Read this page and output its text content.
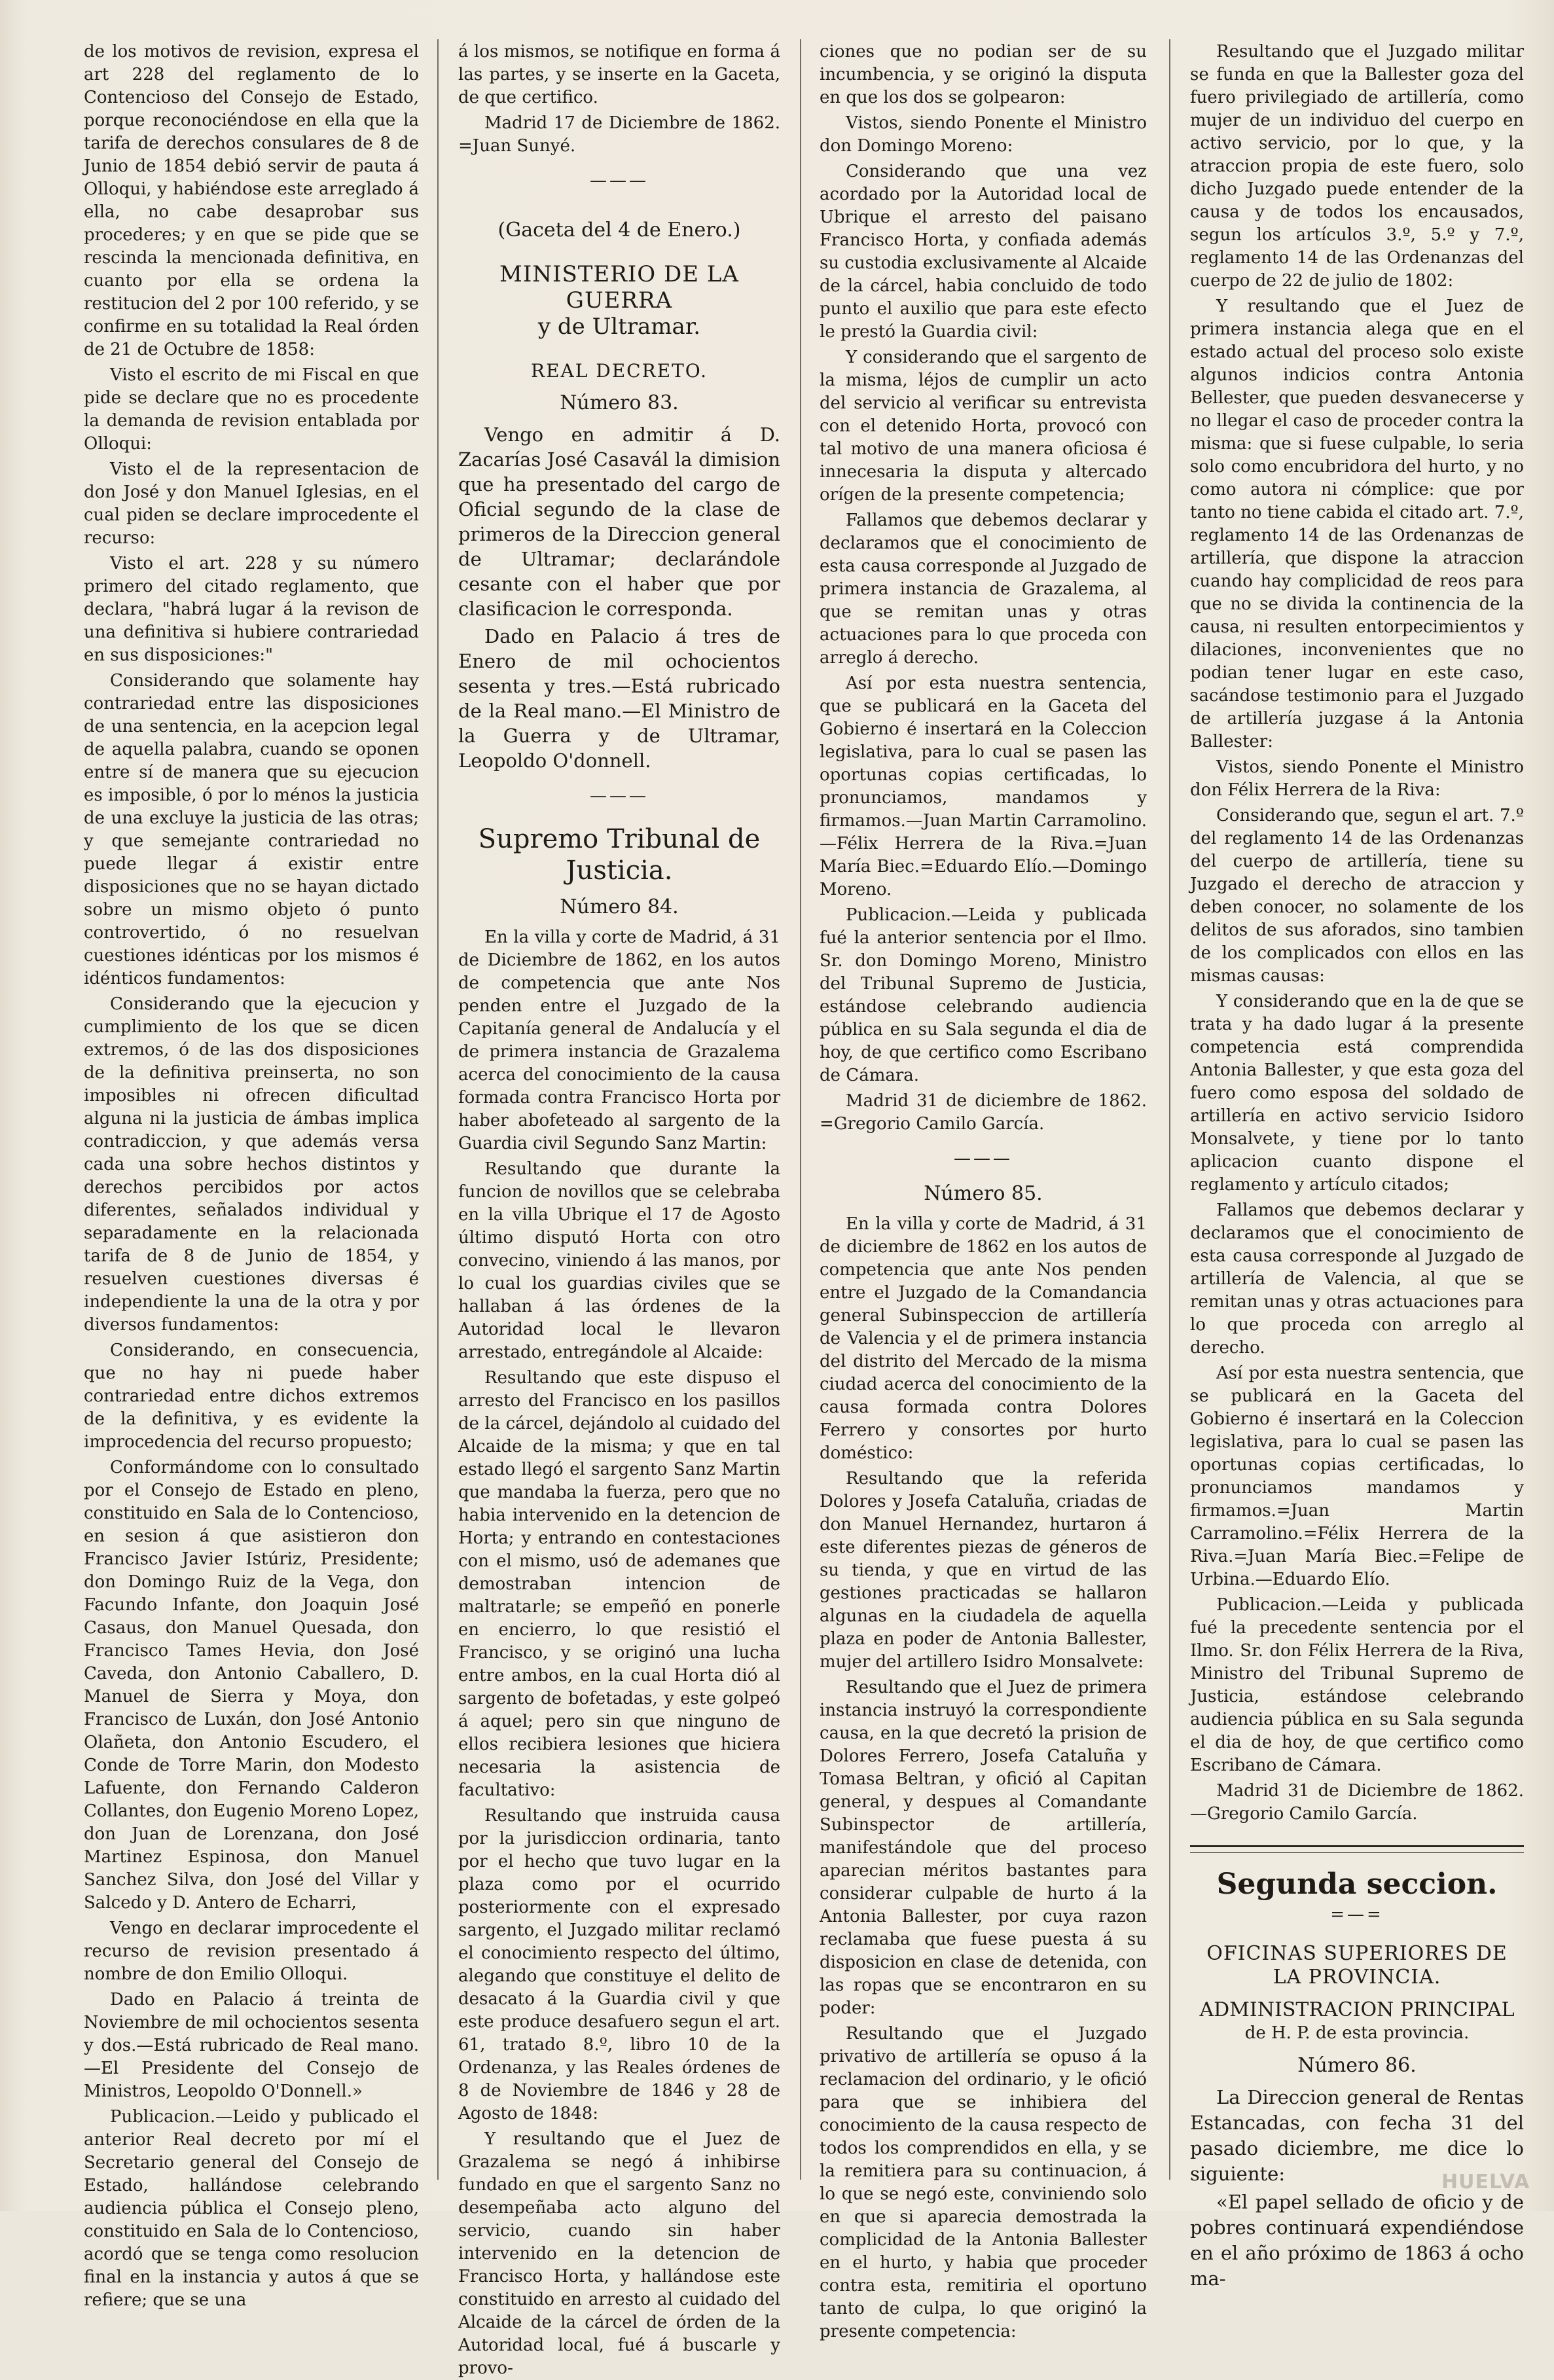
de los motivos de revision, expresa el art 228 del reglamento de lo Contencioso del Consejo de Estado, porque reconociéndose en ella que la tarifa de derechos consulares de 8 de Junio de 1854 debió servir de pauta á Olloqui, y habiéndose este arreglado á ella, no cabe desaprobar sus procederes; y en que se pide que se rescinda la mencionada definitiva, en cuanto por ella se ordena la restitucion del 2 por 100 referido, y se confirme en su totalidad la Real órden de 21 de Octubre de 1858:

Visto el escrito de mi Fiscal en que pide se declare que no es procedente la demanda de revision entablada por Olloqui:

Visto el de la representacion de don José y don Manuel Iglesias, en el cual piden se declare improcedente el recurso:

Visto el art. 228 y su número primero del citado reglamento, que declara, "habrá lugar á la revison de una definitiva si hubiere contrariedad en sus disposiciones:"

Considerando que solamente hay contrariedad entre las disposiciones de una sentencia, en la acepcion legal de aquella palabra, cuando se oponen entre sí de manera que su ejecucion es imposible, ó por lo ménos la justicia de una excluye la justicia de las otras; y que semejante contrariedad no puede llegar á existir entre disposiciones que no se hayan dictado sobre un mismo objeto ó punto controvertido, ó no resuelvan cuestiones idénticas por los mismos é idénticos fundamentos:

Considerando que la ejecucion y cumplimiento de los que se dicen extremos, ó de las dos disposiciones de la definitiva preinserta, no son imposibles ni ofrecen dificultad alguna ni la justicia de ámbas implica contradiccion, y que además versa cada una sobre hechos distintos y derechos percibidos por actos diferentes, señalados individual y separadamente en la relacionada tarifa de 8 de Junio de 1854, y resuelven cuestiones diversas é independiente la una de la otra y por diversos fundamentos:

Considerando, en consecuencia, que no hay ni puede haber contrariedad entre dichos extremos de la definitiva, y es evidente la improcedencia del recurso propuesto;

Conformándome con lo consultado por el Consejo de Estado en pleno, constituido en Sala de lo Contencioso, en sesion á que asistieron don Francisco Javier Istúriz, Presidente; don Domingo Ruiz de la Vega, don Facundo Infante, don Joaquin José Casaus, don Manuel Quesada, don Francisco Tames Hevia, don José Caveda, don Antonio Caballero, D. Manuel de Sierra y Moya, don Francisco de Luxán, don José Antonio Olañeta, don Antonio Escudero, el Conde de Torre Marin, don Modesto Lafuente, don Fernando Calderon Collantes, don Eugenio Moreno Lopez, don Juan de Lorenzana, don José Martinez Espinosa, don Manuel Sanchez Silva, don José del Villar y Salcedo y D. Antero de Echarri,

Vengo en declarar improcedente el recurso de revision presentado á nombre de don Emilio Olloqui.

Dado en Palacio á treinta de Noviembre de mil ochocientos sesenta y dos.—Está rubricado de Real mano.—El Presidente del Consejo de Ministros, Leopoldo O'Donnell.»

Publicacion.—Leido y publicado el anterior Real decreto por mí el Secretario general del Consejo de Estado, hallándose celebrando audiencia pública el Consejo pleno, constituido en Sala de lo Contencioso, acordó que se tenga como resolucion final en la instancia y autos á que se refiere; que se una

á los mismos, se notifique en forma á las partes, y se inserte en la Gaceta, de que certifico.

Madrid 17 de Diciembre de 1862. =Juan Sunyé.

———
(Gaceta del 4 de Enero.)
MINISTERIO DE LA GUERRA
y de Ultramar.
REAL DECRETO.
Número 83.

Vengo en admitir á D. Zacarías José Casavál la dimision que ha presentado del cargo de Oficial segundo de la clase de primeros de la Direccion general de Ultramar; declarándole cesante con el haber que por clasificacion le corresponda.

Dado en Palacio á tres de Enero de mil ochocientos sesenta y tres.—Está rubricado de la Real mano.—El Ministro de la Guerra y de Ultramar, Leopoldo O'donnell.

———
Supremo Tribunal de Justicia.
Número 84.

En la villa y corte de Madrid, á 31 de Diciembre de 1862, en los autos de competencia que ante Nos penden entre el Juzgado de la Capitanía general de Andalucía y el de primera instancia de Grazalema acerca del conocimiento de la causa formada contra Francisco Horta por haber abofeteado al sargento de la Guardia civil Segundo Sanz Martin:

Resultando que durante la funcion de novillos que se celebraba en la villa Ubrique el 17 de Agosto último disputó Horta con otro convecino, viniendo á las manos, por lo cual los guardias civiles que se hallaban á las órdenes de la Autoridad local le llevaron arrestado, entregándole al Alcaide:

Resultando que este dispuso el arresto del Francisco en los pasillos de la cárcel, dejándolo al cuidado del Alcaide de la misma; y que en tal estado llegó el sargento Sanz Martin que mandaba la fuerza, pero que no habia intervenido en la detencion de Horta; y entrando en contestaciones con el mismo, usó de ademanes que demostraban intencion de maltratarle; se empeñó en ponerle en encierro, lo que resistió el Francisco, y se originó una lucha entre ambos, en la cual Horta dió al sargento de bofetadas, y este golpeó á aquel; pero sin que ninguno de ellos recibiera lesiones que hiciera necesaria la asistencia de facultativo:

Resultando que instruida causa por la jurisdiccion ordinaria, tanto por el hecho que tuvo lugar en la plaza como por el ocurrido posteriormente con el expresado sargento, el Juzgado militar reclamó el conocimiento respecto del último, alegando que constituye el delito de desacato á la Guardia civil y que este produce desafuero segun el art. 61, tratado 8.º, libro 10 de la Ordenanza, y las Reales órdenes de 8 de Noviembre de 1846 y 28 de Agosto de 1848:

Y resultando que el Juez de Grazalema se negó á inhibirse fundado en que el sargento Sanz no desempeñaba acto alguno del servicio, cuando sin haber intervenido en la detencion de Francisco Horta, y hallándose este constituido en arresto al cuidado del Alcaide de la cárcel de órden de la Autoridad local, fué á buscarle y provo-

ciones que no podian ser de su incumbencia, y se originó la disputa en que los dos se golpearon:

Vistos, siendo Ponente el Ministro don Domingo Moreno:

Considerando que una vez acordado por la Autoridad local de Ubrique el arresto del paisano Francisco Horta, y confiada además su custodia exclusivamente al Alcaide de la cárcel, habia concluido de todo punto el auxilio que para este efecto le prestó la Guardia civil:

Y considerando que el sargento de la misma, léjos de cumplir un acto del servicio al verificar su entrevista con el detenido Horta, provocó con tal motivo de una manera oficiosa é innecesaria la disputa y altercado orígen de la presente competencia;

Fallamos que debemos declarar y declaramos que el conocimiento de esta causa corresponde al Juzgado de primera instancia de Grazalema, al que se remitan unas y otras actuaciones para lo que proceda con arreglo á derecho.

Así por esta nuestra sentencia, que se publicará en la Gaceta del Gobierno é insertará en la Coleccion legislativa, para lo cual se pasen las oportunas copias certificadas, lo pronunciamos, mandamos y firmamos.—Juan Martin Carramolino.—Félix Herrera de la Riva.=Juan María Biec.=Eduardo Elío.—Domingo Moreno.

Publicacion.—Leida y publicada fué la anterior sentencia por el Ilmo. Sr. don Domingo Moreno, Ministro del Tribunal Supremo de Justicia, estándose celebrando audiencia pública en su Sala segunda el dia de hoy, de que certifico como Escribano de Cámara.

Madrid 31 de diciembre de 1862. =Gregorio Camilo García.

———
Número 85.

En la villa y corte de Madrid, á 31 de diciembre de 1862 en los autos de competencia que ante Nos penden entre el Juzgado de la Comandancia general Subinspeccion de artillería de Valencia y el de primera instancia del distrito del Mercado de la misma ciudad acerca del conocimiento de la causa formada contra Dolores Ferrero y consortes por hurto doméstico:

Resultando que la referida Dolores y Josefa Cataluña, criadas de don Manuel Hernandez, hurtaron á este diferentes piezas de géneros de su tienda, y que en virtud de las gestiones practicadas se hallaron algunas en la ciudadela de aquella plaza en poder de Antonia Ballester, mujer del artillero Isidro Monsalvete:

Resultando que el Juez de primera instancia instruyó la correspondiente causa, en la que decretó la prision de Dolores Ferrero, Josefa Cataluña y Tomasa Beltran, y ofició al Capitan general, y despues al Comandante Subinspector de artillería, manifestándole que del proceso aparecian méritos bastantes para considerar culpable de hurto á la Antonia Ballester, por cuya razon reclamaba que fuese puesta á su disposicion en clase de detenida, con las ropas que se encontraron en su poder:

Resultando que el Juzgado privativo de artillería se opuso á la reclamacion del ordinario, y le ofició para que se inhibiera del conocimiento de la causa respecto de todos los comprendidos en ella, y se la remitiera para su continuacion, á lo que se negó este, conviniendo solo en que si aparecia demostrada la complicidad de la Antonia Ballester en el hurto, y habia que proceder contra esta, remitiria el oportuno tanto de culpa, lo que originó la presente competencia:

Resultando que el Juzgado militar se funda en que la Ballester goza del fuero privilegiado de artillería, como mujer de un individuo del cuerpo en activo servicio, por lo que, y la atraccion propia de este fuero, solo dicho Juzgado puede entender de la causa y de todos los encausados, segun los artículos 3.º, 5.º y 7.º, reglamento 14 de las Ordenanzas del cuerpo de 22 de julio de 1802:

Y resultando que el Juez de primera instancia alega que en el estado actual del proceso solo existe algunos indicios contra Antonia Bellester, que pueden desvanecerse y no llegar el caso de proceder contra la misma: que si fuese culpable, lo seria solo como encubridora del hurto, y no como autora ni cómplice: que por tanto no tiene cabida el citado art. 7.º, reglamento 14 de las Ordenanzas de artillería, que dispone la atraccion cuando hay complicidad de reos para que no se divida la continencia de la causa, ni resulten entorpecimientos y dilaciones, inconvenientes que no podian tener lugar en este caso, sacándose testimonio para el Juzgado de artillería juzgase á la Antonia Ballester:

Vistos, siendo Ponente el Ministro don Félix Herrera de la Riva:

Considerando que, segun el art. 7.º del reglamento 14 de las Ordenanzas del cuerpo de artillería, tiene su Juzgado el derecho de atraccion y deben conocer, no solamente de los delitos de sus aforados, sino tambien de los complicados con ellos en las mismas causas:

Y considerando que en la de que se trata y ha dado lugar á la presente competencia está comprendida Antonia Ballester, y que esta goza del fuero como esposa del soldado de artillería en activo servicio Isidoro Monsalvete, y tiene por lo tanto aplicacion cuanto dispone el reglamento y artículo citados;

Fallamos que debemos declarar y declaramos que el conocimiento de esta causa corresponde al Juzgado de artillería de Valencia, al que se remitan unas y otras actuaciones para lo que proceda con arreglo al derecho.

Así por esta nuestra sentencia, que se publicará en la Gaceta del Gobierno é insertará en la Coleccion legislativa, para lo cual se pasen las oportunas copias certificadas, lo pronunciamos mandamos y firmamos.=Juan Martin Carramolino.=Félix Herrera de la Riva.=Juan María Biec.=Felipe de Urbina.—Eduardo Elío.

Publicacion.—Leida y publicada fué la precedente sentencia por el Ilmo. Sr. don Félix Herrera de la Riva, Ministro del Tribunal Supremo de Justicia, estándose celebrando audiencia pública en su Sala segunda el dia de hoy, de que certifico como Escribano de Cámara.

Madrid 31 de Diciembre de 1862. —Gregorio Camilo García.

Segunda seccion.
=—=
OFICINAS SUPERIORES DE LA PROVINCIA.
ADMINISTRACION PRINCIPAL
de H. P. de esta provincia.
Número 86.

La Direccion general de Rentas Estancadas, con fecha 31 del pasado diciembre, me dice lo siguiente:

«El papel sellado de oficio y de pobres continuará expendiéndose en el año próximo de 1863 á ocho ma-

HUELVA
